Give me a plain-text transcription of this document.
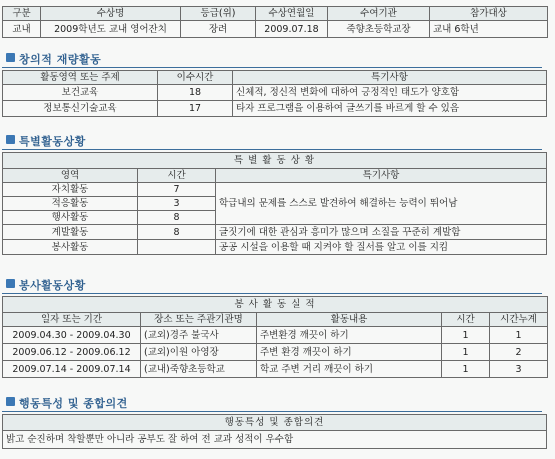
구분	수상명	등급(위)	수상연월일	수여기관	참가대상
교내	2009학년도 교내 영어잔치	장려	2009.07.18	죽향초등학교장	교내 6학년
창의적 재량활동
활동영역 또는 주제	이수시간	특기사항
보건교육	18	신체적, 정신적 변화에 대하여 긍정적인 태도가 양호함
정보통신기술교육	17	타자 프로그램을 이용하여 글쓰기를 바르게 할 수 있음
특별활동상황
특 별 활 동 상 황		
영역	시간	특기사항
자치활동	7	학급내의 문제를 스스로 발견하여 해결하는 능력이 뛰어남
적응활동	3	
행사활동	8	
계발활동	8	글짓기에 대한 관심과 흥미가 많으며 소질을 꾸준히 계발함
봉사활동		공공 시설을 이용할 때 지켜야 할 질서를 알고 이를 지킴
봉사활동상황
봉 사 활 동 실 적				
일자 또는 기간	장소 또는 주관기관명	활동내용	시간	시간누계
2009.04.30 - 2009.04.30	(교외)경주 불국사	주변환경 깨끗이 하기	1	1
2009.06.12 - 2009.06.12	(교외)이원 아영장	주변 환경 깨끗이 하기	1	2
2009.07.14 - 2009.07.14	(교내)죽향초등학교	학교 주변 거리 깨끗이 하기	1	3
행동특성 및 종합의견
행동특성 및 종합의견
밝고 순진하며 착할뿐만 아니라 공부도 잘 하여 전 교과 성적이 우수함
